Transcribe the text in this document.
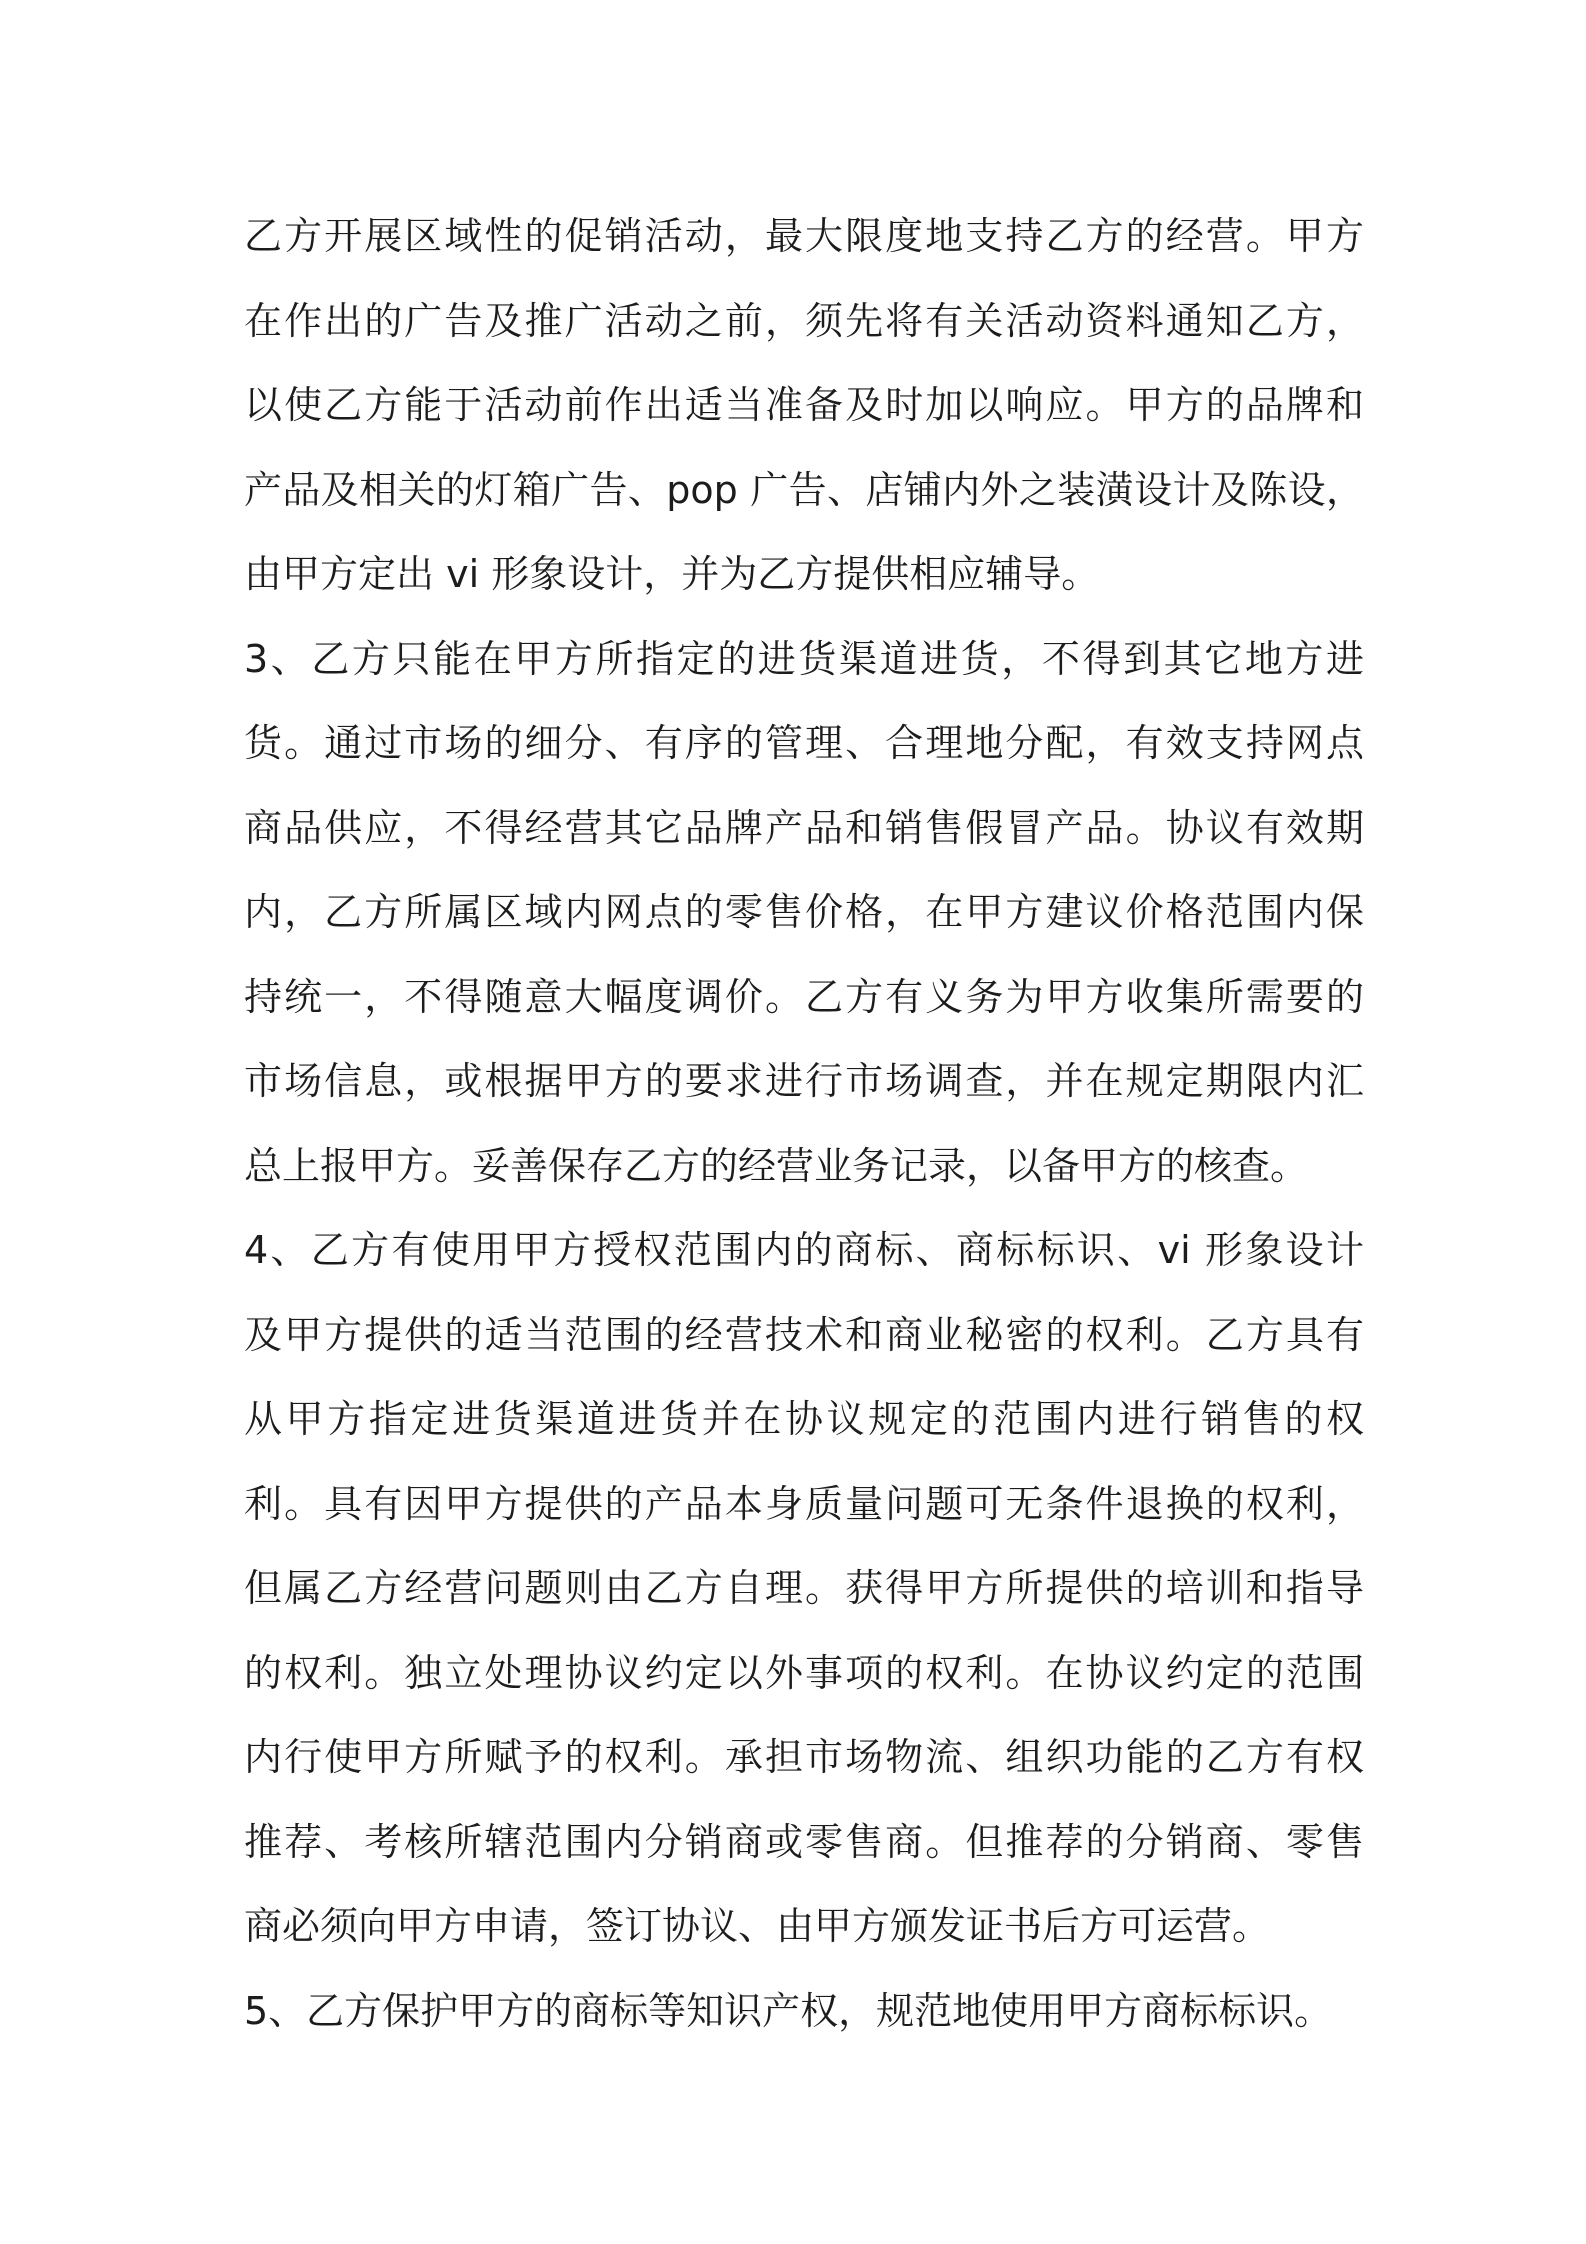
乙方开展区域性的促销活动，最大限度地支持乙方的经营。甲方
在作出的广告及推广活动之前，须先将有关活动资料通知乙方，
以使乙方能于活动前作出适当准备及时加以响应。甲方的品牌和
产品及相关的灯箱广告、pop 广告、店铺内外之装潢设计及陈设，
由甲方定出 vi 形象设计，并为乙方提供相应辅导。
3、乙方只能在甲方所指定的进货渠道进货，不得到其它地方进
货。通过市场的细分、有序的管理、合理地分配，有效支持网点
商品供应，不得经营其它品牌产品和销售假冒产品。协议有效期
内，乙方所属区域内网点的零售价格，在甲方建议价格范围内保
持统一，不得随意大幅度调价。乙方有义务为甲方收集所需要的
市场信息，或根据甲方的要求进行市场调查，并在规定期限内汇
总上报甲方。妥善保存乙方的经营业务记录，以备甲方的核查。
4、乙方有使用甲方授权范围内的商标、商标标识、vi 形象设计
及甲方提供的适当范围的经营技术和商业秘密的权利。乙方具有
从甲方指定进货渠道进货并在协议规定的范围内进行销售的权
利。具有因甲方提供的产品本身质量问题可无条件退换的权利，
但属乙方经营问题则由乙方自理。获得甲方所提供的培训和指导
的权利。独立处理协议约定以外事项的权利。在协议约定的范围
内行使甲方所赋予的权利。承担市场物流、组织功能的乙方有权
推荐、考核所辖范围内分销商或零售商。但推荐的分销商、零售
商必须向甲方申请，签订协议、由甲方颁发证书后方可运营。
5、乙方保护甲方的商标等知识产权，规范地使用甲方商标标识。
